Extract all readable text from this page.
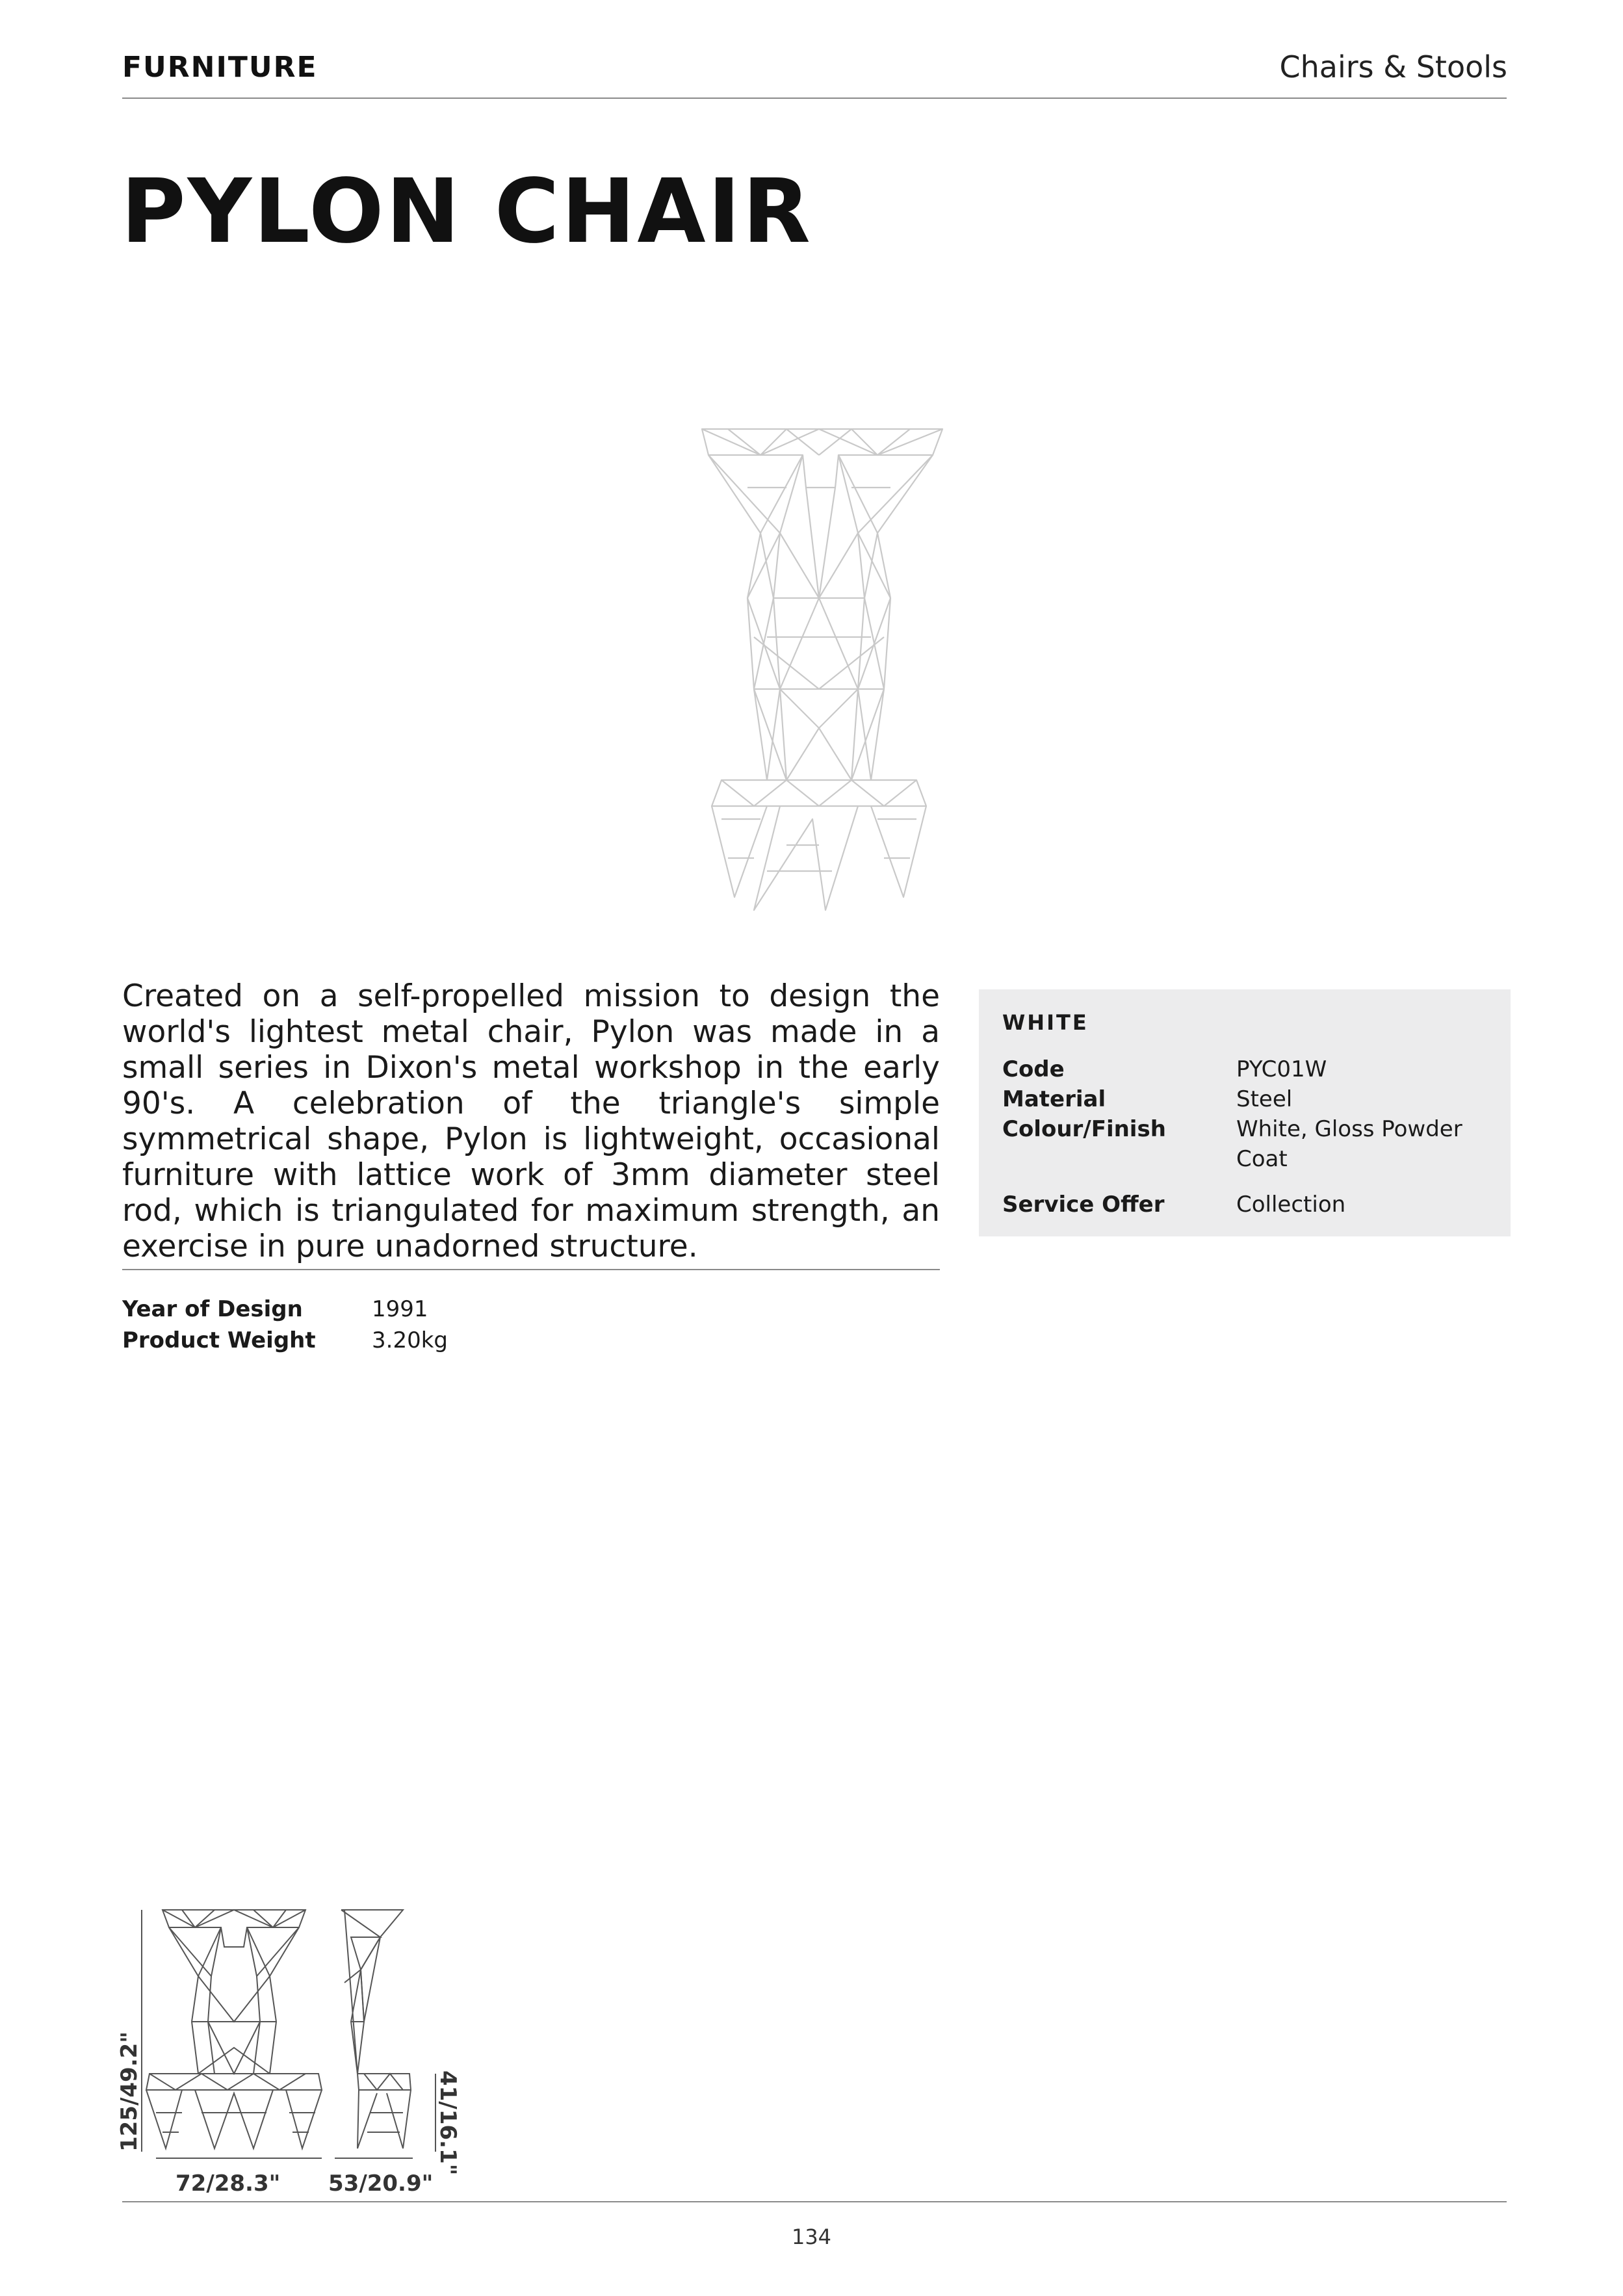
FURNITURE	Chairs & Stools
PYLON CHAIR
Created on a self-propelled mission to design the world's lightest metal chair, Pylon was made in a small series in Dixon's metal workshop in the early 90's. A celebration of the triangle's simple symmetrical shape, Pylon is lightweight, occasional furniture with lattice work of 3mm diameter steel rod, which is triangulated for maximum strength, an exercise in pure unadorned structure.
Year of Design	1991
Product Weight	3.20kg
WHITE
Code	PYC01W
Material	Steel
Colour/Finish	White, Gloss Powder Coat
Service Offer	Collection
125/49.2"
72/28.3" 53/20.9"
41/16.1"
134
